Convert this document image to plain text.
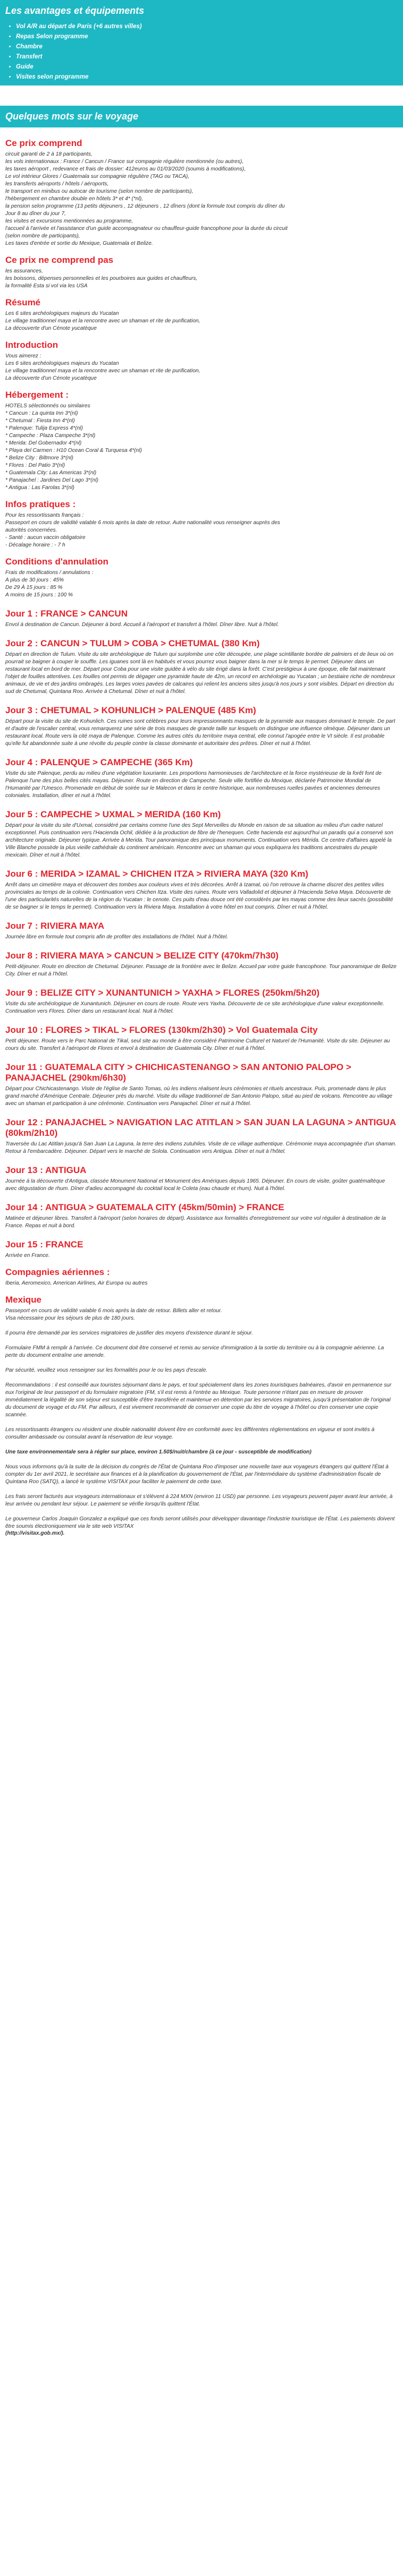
Les avantages et équipements
• Vol A/R au départ de Paris (+6 autres villes)
• Repas Selon programme
• Chambre
• Transfert
• Guide
• Visites selon programme
Quelques mots sur le voyage
Ce prix comprend

circuit garanti de 2 à 18 participants,

les vols internationaux : France / Cancun / France sur compagnie régulière mentionnée (ou autres),

les taxes aéroport , redevance et frais de dossier: 412euros au 01/03/2020 (soumis à modifications),

Le vol intérieur Glores / Guatemala sur compagnie régulière (TAG ou TACA),

les transferts aéroports / hôtels / aéroports,

le transport en minibus ou autocar de tourisme (selon nombre de participants),

l'hébergement en chambre double en hôtels 3* et 4* (*nl),

la pension selon programme (13 petits déjeuners , 12 déjeuners , 12 dîners (dont la formule tout compris du dîner du

Jour 8 au dîner du jour 7,

les visites et excursions mentionnées au programme,

l'accueil à l'arrivée et l'assistance d'un guide accompagnateur ou chauffeur-guide francophone pour la durée du circuit

(selon nombre de participants),

Les taxes d'entrée et sortie du Mexique, Guatemala et Belize.

Ce prix ne comprend pas

les assurances,

les boissons, dépenses personnelles et les pourboires aux guides et chauffeurs,

la formalité Esta si vol via les USA

Résumé

Les 6 sites archéologiques majeurs du Yucatan

Le village traditionnel maya et la rencontre avec un shaman et rite de purification,

La découverte d'un Cénote yucatèque

Introduction

Vous aimerez :

Les 6 sites archéologiques majeurs du Yucatan

Le village traditionnel maya et la rencontre avec un shaman et rite de purification,

La découverte d'un Cénote yucatèque

Hébergement :

HOTELS sélectionnés ou similaires

* Cancun : La quinta Inn 3*(nl)

* Chetumal : Fiesta Inn 4*(nl)

* Palenque: Tulija Express 4*(nl)

* Campeche : Plaza Campeche 3*(nl)

* Merida: Del Gobernador 4*(nl)

* Playa del Carmen : H10 Ocean Coral & Turquesa 4*(nl)

* Belize City : Biltmore 3*(nl)

* Flores : Del Patio 3*(nl)

* Guatemala City: Las Americas 3*(nl)

* Panajachel : Jardines Del Lago 3*(nl)

* Antigua : Las Farolas 3*(nl)

Infos pratiques :

Pour les ressortissants français :

Passeport en cours de validité valable 6 mois après la date de retour. Autre nationalité vous renseigner auprès des

autorités concernées.

- Santé : aucun vaccin obligatoire

- Décalage horaire : - 7 h

Conditions d'annulation

Frais de modifications / annulations :

A plus de 30 jours : 45%

De 29 À 15 jours : 85 %

A moins de 15 jours : 100 %

Jour 1 : FRANCE > CANCUN

Envol à destination de Cancun. Déjeuner à bord. Accueil à l'aéroport et transfert à l'hôtel. Dîner libre. Nuit à l'hôtel.

Jour 2 : CANCUN > TULUM > COBA > CHETUMAL (380 Km)

Départ en direction de Tulum. Visite du site archéologique de Tulum qui surplombe une côte découpée, une plage scintillante bordée de palmiers et de lieux où on pourrait se baigner à couper le souffle. Les iguanes sont là en habitués et vous pourrez vous baigner dans la mer si le temps le permet. Déjeuner dans un restaurant local en bord de mer. Départ pour Coba pour une visite guidée à vélo du site érigé dans la forêt. C'est prestigieux à une époque, elle fait maintenant l'objet de fouilles attentives. Les fouilles ont permis de dégager une pyramide haute de 42m, un record en archéologie au Yucatan ; un bestiaire riche de nombreux animaux, de vie et des jardins ombragés. Les larges voies pavées de calcaires qui relient les anciens sites jusqu'à nos jours y sont visibles. Départ en direction du sud de Chetumal, Quintana Roo. Arrivée à Chetumal. Dîner et nuit à l'hôtel.

Jour 3 : CHETUMAL > KOHUNLICH > PALENQUE (485 Km)

Départ pour la visite du site de Kohunlich. Ces ruines sont célèbres pour leurs impressionnants masques de la pyramide aux masques dominant le temple. De part et d'autre de l'escalier central, vous remarquerez une série de trois masques de grande taille sur lesquels on distingue une influence olmèque. Déjeuner dans un restaurant local. Route vers la cité maya de Palenque. Comme les autres cités du territoire maya central, elle connut l'apogée entre le VI siècle. Il est probable qu'elle fut abandonnée suite à une révolte du peuple contre la classe dominante et autoritaire des prêtres. Dîner et nuit à l'hôtel.

Jour 4 : PALENQUE > CAMPECHE (365 Km)

Visite du site Palenque, perdu au milieu d'une végétation luxuriante. Les proportions harmonieuses de l'architecture et la force mystérieuse de la forêt font de Palenque l'une des plus belles cités mayas. Déjeuner. Route en direction de Campeche. Seule ville fortifiée du Mexique, déclarée Patrimoine Mondial de l'Humanité par l'Unesco. Promenade en début de soirée sur le Malecon et dans le centre historique, aux nombreuses ruelles pavées et anciennes demeures coloniales. Installation, dîner et nuit à l'hôtel.

Jour 5 : CAMPECHE > UXMAL > MERIDA (160 Km)

Départ pour la visite du site d'Uxmal, considéré par certains comme l'une des Sept Merveilles du Monde en raison de sa situation au milieu d'un cadre naturel exceptionnel. Puis continuation vers l'Hacienda Ochil, dédiée à la production de fibre de l'henequen. Cette hacienda est aujourd'hui un paradis qui a conservé son architecture originale. Déjeuner typique. Arrivée à Merida. Tour panoramique des principaux monuments. Continuation vers Mérida. Ce centre d'affaires appelé la Ville Blanche possède la plus vieille cathédrale du continent américain. Rencontre avec un shaman qui vous expliquera les traditions ancestrales du peuple mexicain. Dîner et nuit à l'hôtel.

Jour 6 : MERIDA > IZAMAL > CHICHEN ITZA > RIVIERA MAYA (320 Km)

Arrêt dans un cimetière maya et découvert des tombes aux couleurs vives et très décorées. Arrêt à Izamal, où l'on retrouve la charme discret des petites villes provinciales au temps de la colonie. Continuation vers Chichen Itza. Visite des ruines. Route vers Valladolid et déjeuner à l'Hacienda Selva Maya. Découverte de l'une des particularités naturelles de la région du Yucatan : le cenote. Ces puits d'eau douce ont été considérés par les mayas comme des lieux sacrés (possibilité de se baigner si le temps le permet). Continuation vers la Riviera Maya. Installation à votre hôtel en tout compris. Dîner et nuit à l'hôtel.

Jour 7 : RIVIERA MAYA

Journée libre en formule tout compris afin de profiter des installations de l'hôtel. Nuit à l'hôtel.

Jour 8 : RIVIERA MAYA > CANCUN > BELIZE CITY (470km/7h30)

Petit-déjeuner. Route en direction de Chetumal. Déjeuner. Passage de la frontière avec le Belize. Accueil par votre guide francophone. Tour panoramique de Belize City. Dîner et nuit à l'hôtel.

Jour 9 : BELIZE CITY > XUNANTUNICH > YAXHA > FLORES (250km/5h20)

Visite du site archéologique de Xunantunich. Déjeuner en cours de route. Route vers Yaxha. Découverte de ce site archéologique d'une valeur exceptionnelle. Continuation vers Flores. Dîner dans un restaurant local. Nuit à l'hôtel.

Jour 10 : FLORES > TIKAL > FLORES (130km/2h30) > Vol Guatemala City

Petit déjeuner. Route vers le Parc National de Tikal, seul site au monde à être considéré Patrimoine Culturel et Naturel de l'Humanité. Visite du site. Déjeuner au cours du site. Transfert à l'aéroport de Flores et envol à destination de Guatemala City. Dîner et nuit à l'hôtel.

Jour 11 : GUATEMALA CITY > CHICHICASTENANGO > SAN ANTONIO PALOPO > PANAJACHEL (290km/6h30)

Départ pour Chichicastenango. Visite de l'église de Santo Tomas, où les indiens réalisent leurs cérémonies et rituels ancestraux. Puis, promenade dans le plus grand marché d'Amérique Centrale. Déjeuner près du marché. Visite du village traditionnel de San Antonio Palopo, situé au pied de volcans. Rencontre au village avec un shaman et participation à une cérémonie. Continuation vers Panajachel. Dîner et nuit à l'hôtel.

Jour 12 : PANAJACHEL > NAVIGATION LAC ATITLAN > SAN JUAN LA LAGUNA > ANTIGUA (80km/2h10)

Traversée du Lac Atitlan jusqu'à San Juan La Laguna, la terre des indiens zutuhiles. Visite de ce village authentique. Cérémonie maya accompagnée d'un shaman. Retour à l'embarcadère. Déjeuner. Départ vers le marché de Solola. Continuation vers Antigua. Dîner et nuit à l'hôtel.

Jour 13 : ANTIGUA

Journée à la découverte d'Antigua, classée Monument National et Monument des Amériques depuis 1965. Déjeuner. En cours de visite, goûter guatémaltèque avec dégustation de rhum. Dîner d'adieu accompagné du cocktail local le Coleta (eau chaude et rhum). Nuit à l'hôtel.

Jour 14 : ANTIGUA > GUATEMALA CITY (45km/50min) > FRANCE

Matinée et déjeuner libres. Transfert à l'aéroport (selon horaires de départ). Assistance aux formalités d'enregistrement sur votre vol régulier à destination de la France. Repas et nuit à bord.

Jour 15 : FRANCE

Arrivée en France.

Compagnies aériennes :

Iberia, Aeromexico, American Airlines, Air Europa ou autres

Mexique

Passeport en cours de validité valable 6 mois après la date de retour. Billets aller et retour.
Visa nécessaire pour les séjours de plus de 180 jours.

Il pourra être demandé par les services migratoires de justifier des moyens d'existence durant le séjour.

Formulaire FMM à remplir à l'arrivée. Ce document doit être conservé et remis au service d'immigration à la sortie du territoire ou à la compagnie aérienne. La perte du document entraîne une amende.

Par sécurité, veuillez vous renseigner sur les formalités pour le ou les pays d'escale.

Recommandations : il est conseillé aux touristes séjournant dans le pays, et tout spécialement dans les zones touristiques balnéaires, d'avoir en permanence sur eux l'original de leur passeport et du formulaire migratoire (FM, s'il est remis à l'entrée au Mexique. Toute personne n'étant pas en mesure de prouver immédiatement la légalité de son séjour est susceptible d'être transférée et maintenue en détention par les services migratoires, jusqu'à présentation de l'original du document de voyage et du FM. Par ailleurs, il est vivement recommandé de conserver une copie du titre de voyage à l'hôtel ou d'en conserver une copie scannée.

Les ressortissants étrangers ou résident une double nationalité doivent être en conformité avec les différentes réglementations en vigueur et sont invités à consulter ambassade ou consulat avant la réservation de leur voyage.

Une taxe environnementale sera à régler sur place, environ 1.50$/nuit/chambre (à ce jour - susceptible de modification)

Nous vous informons qu'à la suite de la décision du congrès de l'État de Quintana Roo d'imposer une nouvelle taxe aux voyageurs étrangers qui quittent l'État à compter du 1er avril 2021, le secrétaire aux finances et à la planification du gouvernement de l'État, par l'intermédiaire du système d'administration fiscale de Quintana Roo (SATQ), a lancé le système VISITAX pour faciliter le paiement de cette taxe.

Les frais seront facturés aux voyageurs internationaux et s'élèvent à 224 MXN (environ 11 USD) par personne. Les voyageurs peuvent payer avant leur arrivée, à leur arrivée ou pendant leur séjour. Le paiement se vérifie lorsqu'ils quittent l'État.

Le gouverneur Carlos Joaquin Gonzalez a expliqué que ces fonds seront utilisés pour développer davantage l'industrie touristique de l'État. Les paiements doivent être soumis électroniquement via le site web VISITAX

(http://visitax.gob.mx/).
